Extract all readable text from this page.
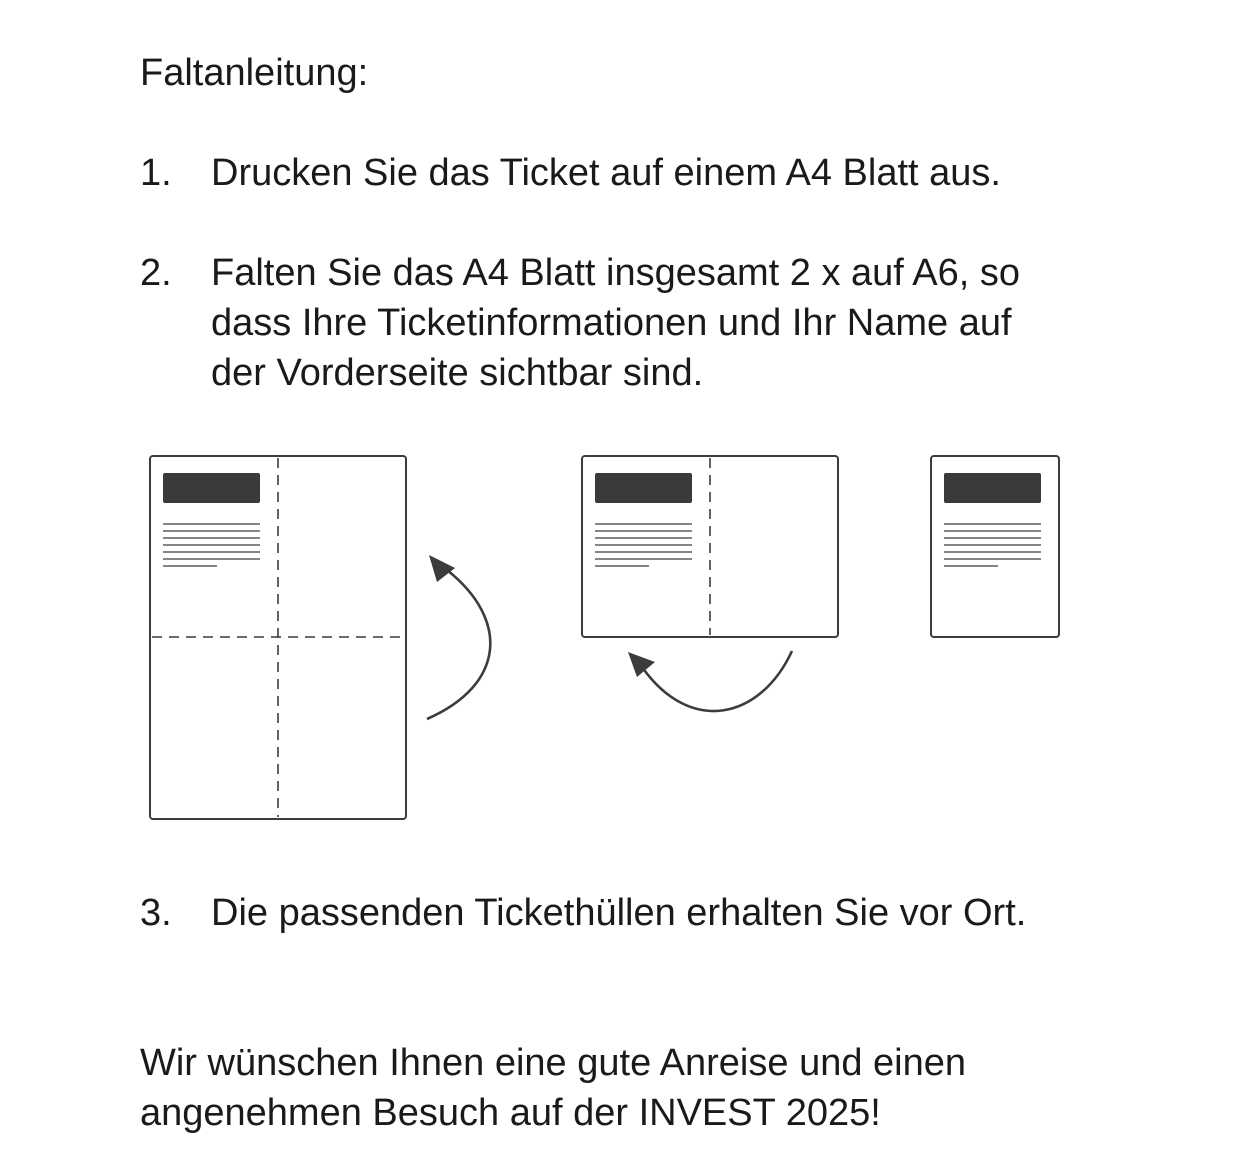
Faltanleitung:
1. Drucken Sie das Ticket auf einem A4 Blatt aus.
2. Falten Sie das A4 Blatt insgesamt 2 x auf A6, so
dass Ihre Ticketinformationen und Ihr Name auf
der Vorderseite sichtbar sind.
3. Die passenden Tickethüllen erhalten Sie vor Ort.
Wir wünschen Ihnen eine gute Anreise und einen
angenehmen Besuch auf der INVEST 2025!
